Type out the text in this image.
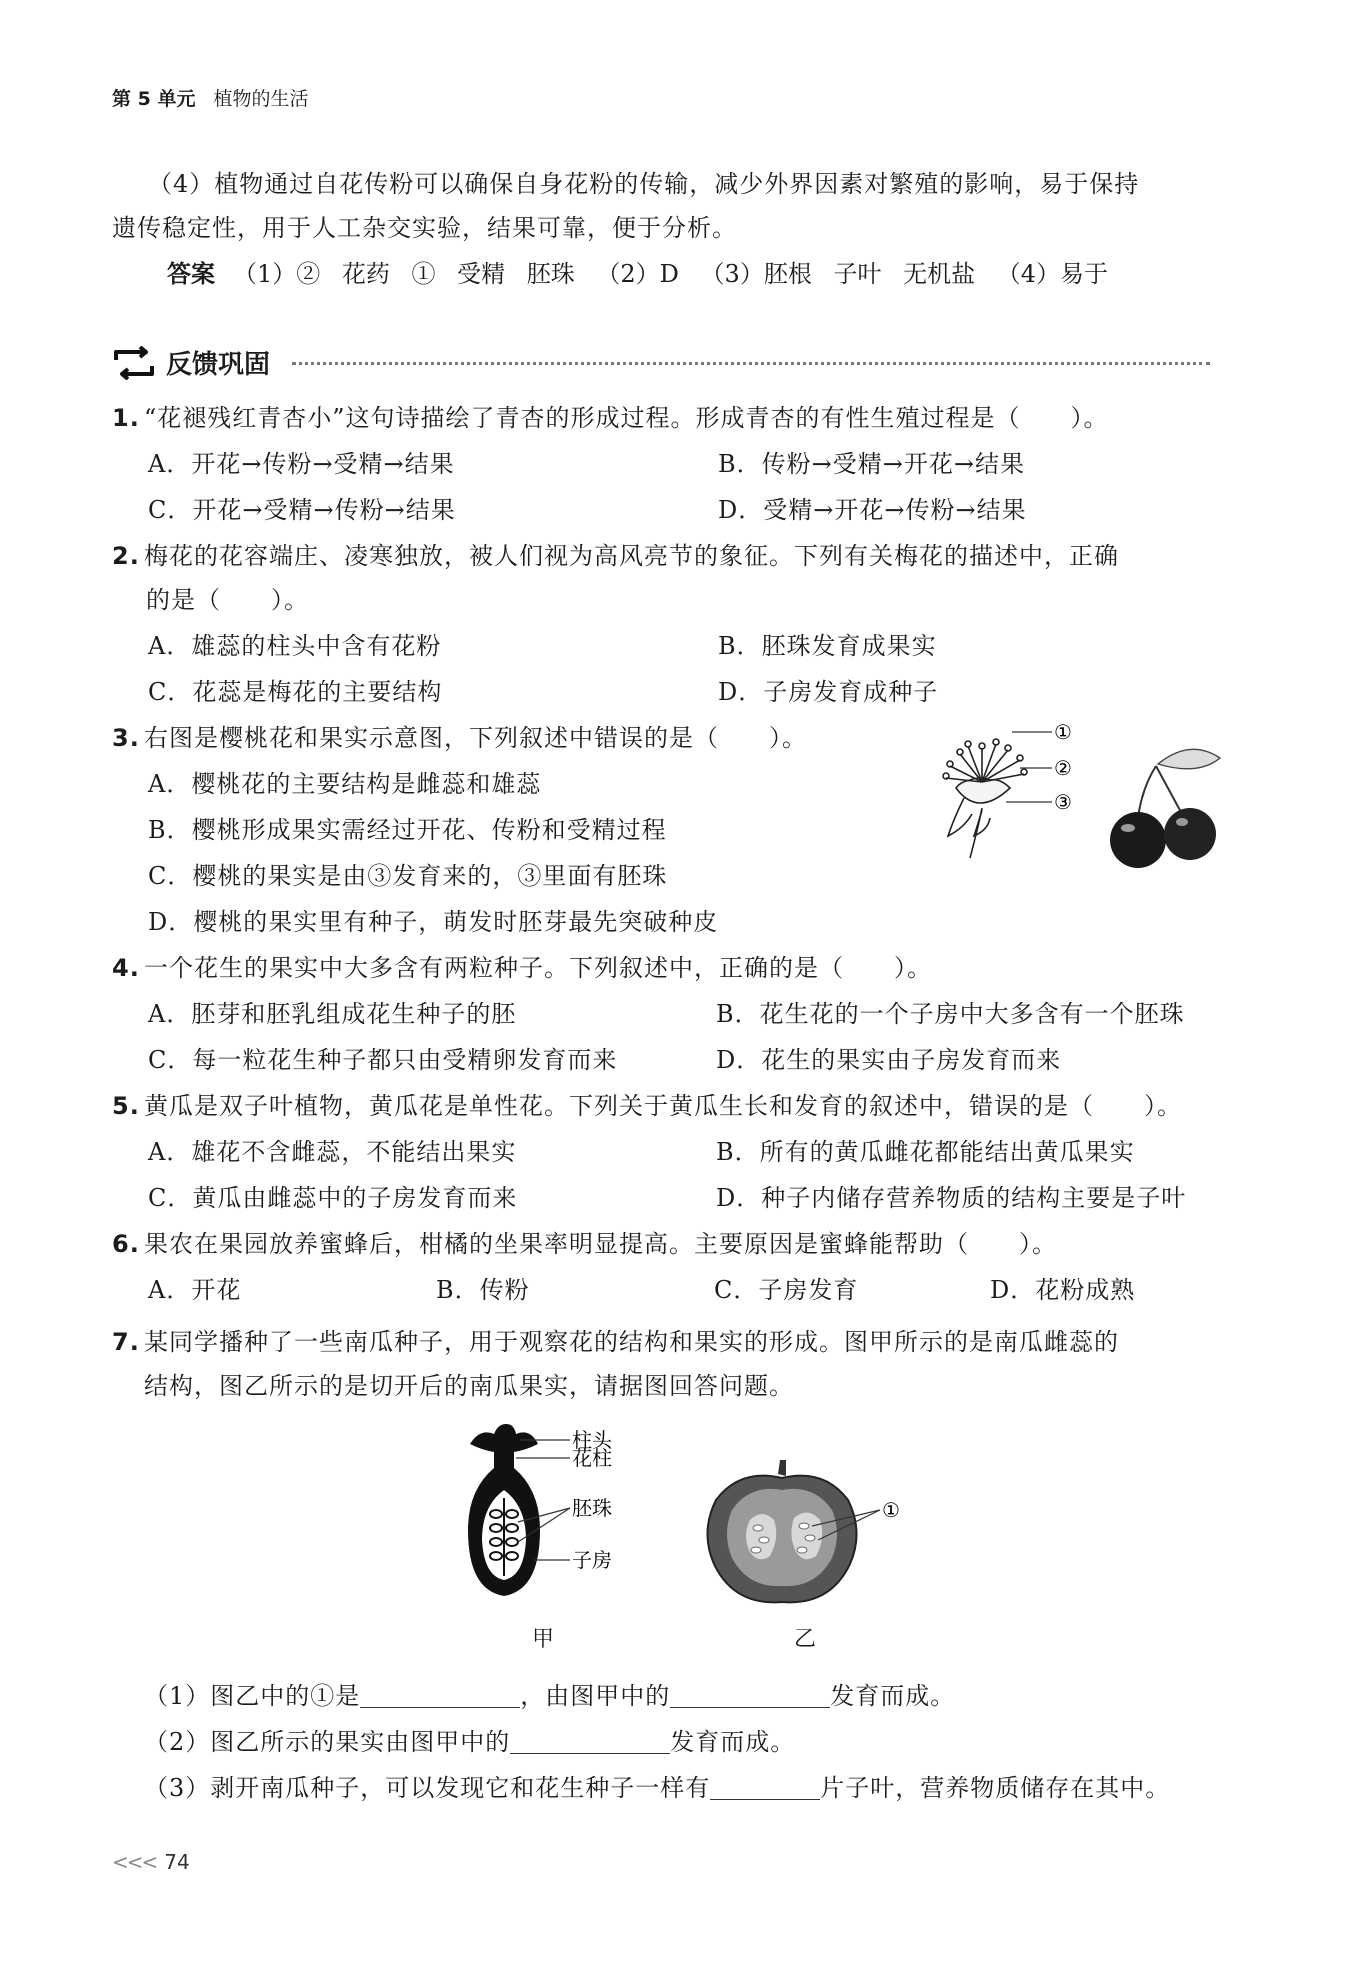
第 5 单元 植物的生活
（4）植物通过自花传粉可以确保自身花粉的传输，减少外界因素对繁殖的影响，易于保持
遗传稳定性，用于人工杂交实验，结果可靠，便于分析。
答案 （1）② 花药 ① 受精 胚珠 （2）D （3）胚根 子叶 无机盐 （4）易于
反馈巩固
1. “花褪残红青杏小”这句诗描绘了青杏的形成过程。形成青杏的有性生殖过程是（　　）。
A．开花→传粉→受精→结果	B．传粉→受精→开花→结果
C．开花→受精→传粉→结果	D．受精→开花→传粉→结果
2. 梅花的花容端庄、凌寒独放，被人们视为高风亮节的象征。下列有关梅花的描述中，正确
的是（　　）。
A．雄蕊的柱头中含有花粉	B．胚珠发育成果实
C．花蕊是梅花的主要结构	D．子房发育成种子
3. 右图是樱桃花和果实示意图，下列叙述中错误的是（　　）。
A．樱桃花的主要结构是雌蕊和雄蕊
B．樱桃形成果实需经过开花、传粉和受精过程
C．樱桃的果实是由③发育来的，③里面有胚珠
D．樱桃的果实里有种子，萌发时胚芽最先突破种皮
①
②
③
4. 一个花生的果实中大多含有两粒种子。下列叙述中，正确的是（　　）。
A．胚芽和胚乳组成花生种子的胚	B．花生花的一个子房中大多含有一个胚珠
C．每一粒花生种子都只由受精卵发育而来	D．花生的果实由子房发育而来
5. 黄瓜是双子叶植物，黄瓜花是单性花。下列关于黄瓜生长和发育的叙述中，错误的是（　　）。
A．雄花不含雌蕊，不能结出果实	B．所有的黄瓜雌花都能结出黄瓜果实
C．黄瓜由雌蕊中的子房发育而来	D．种子内储存营养物质的结构主要是子叶
6. 果农在果园放养蜜蜂后，柑橘的坐果率明显提高。主要原因是蜜蜂能帮助（　　）。
A．开花	B．传粉	C．子房发育	D．花粉成熟
7. 某同学播种了一些南瓜种子，用于观察花的结构和果实的形成。图甲所示的是南瓜雌蕊的
结构，图乙所示的是切开后的南瓜果实，请据图回答问题。
柱头
花柱
胚珠
子房
①
甲	乙
（1）图乙中的①是	，由图甲中的	发育而成。
（2）图乙所示的果实由图甲中的	发育而成。
（3）剥开南瓜种子，可以发现它和花生种子一样有	片子叶，营养物质储存在其中。
<<< 74
